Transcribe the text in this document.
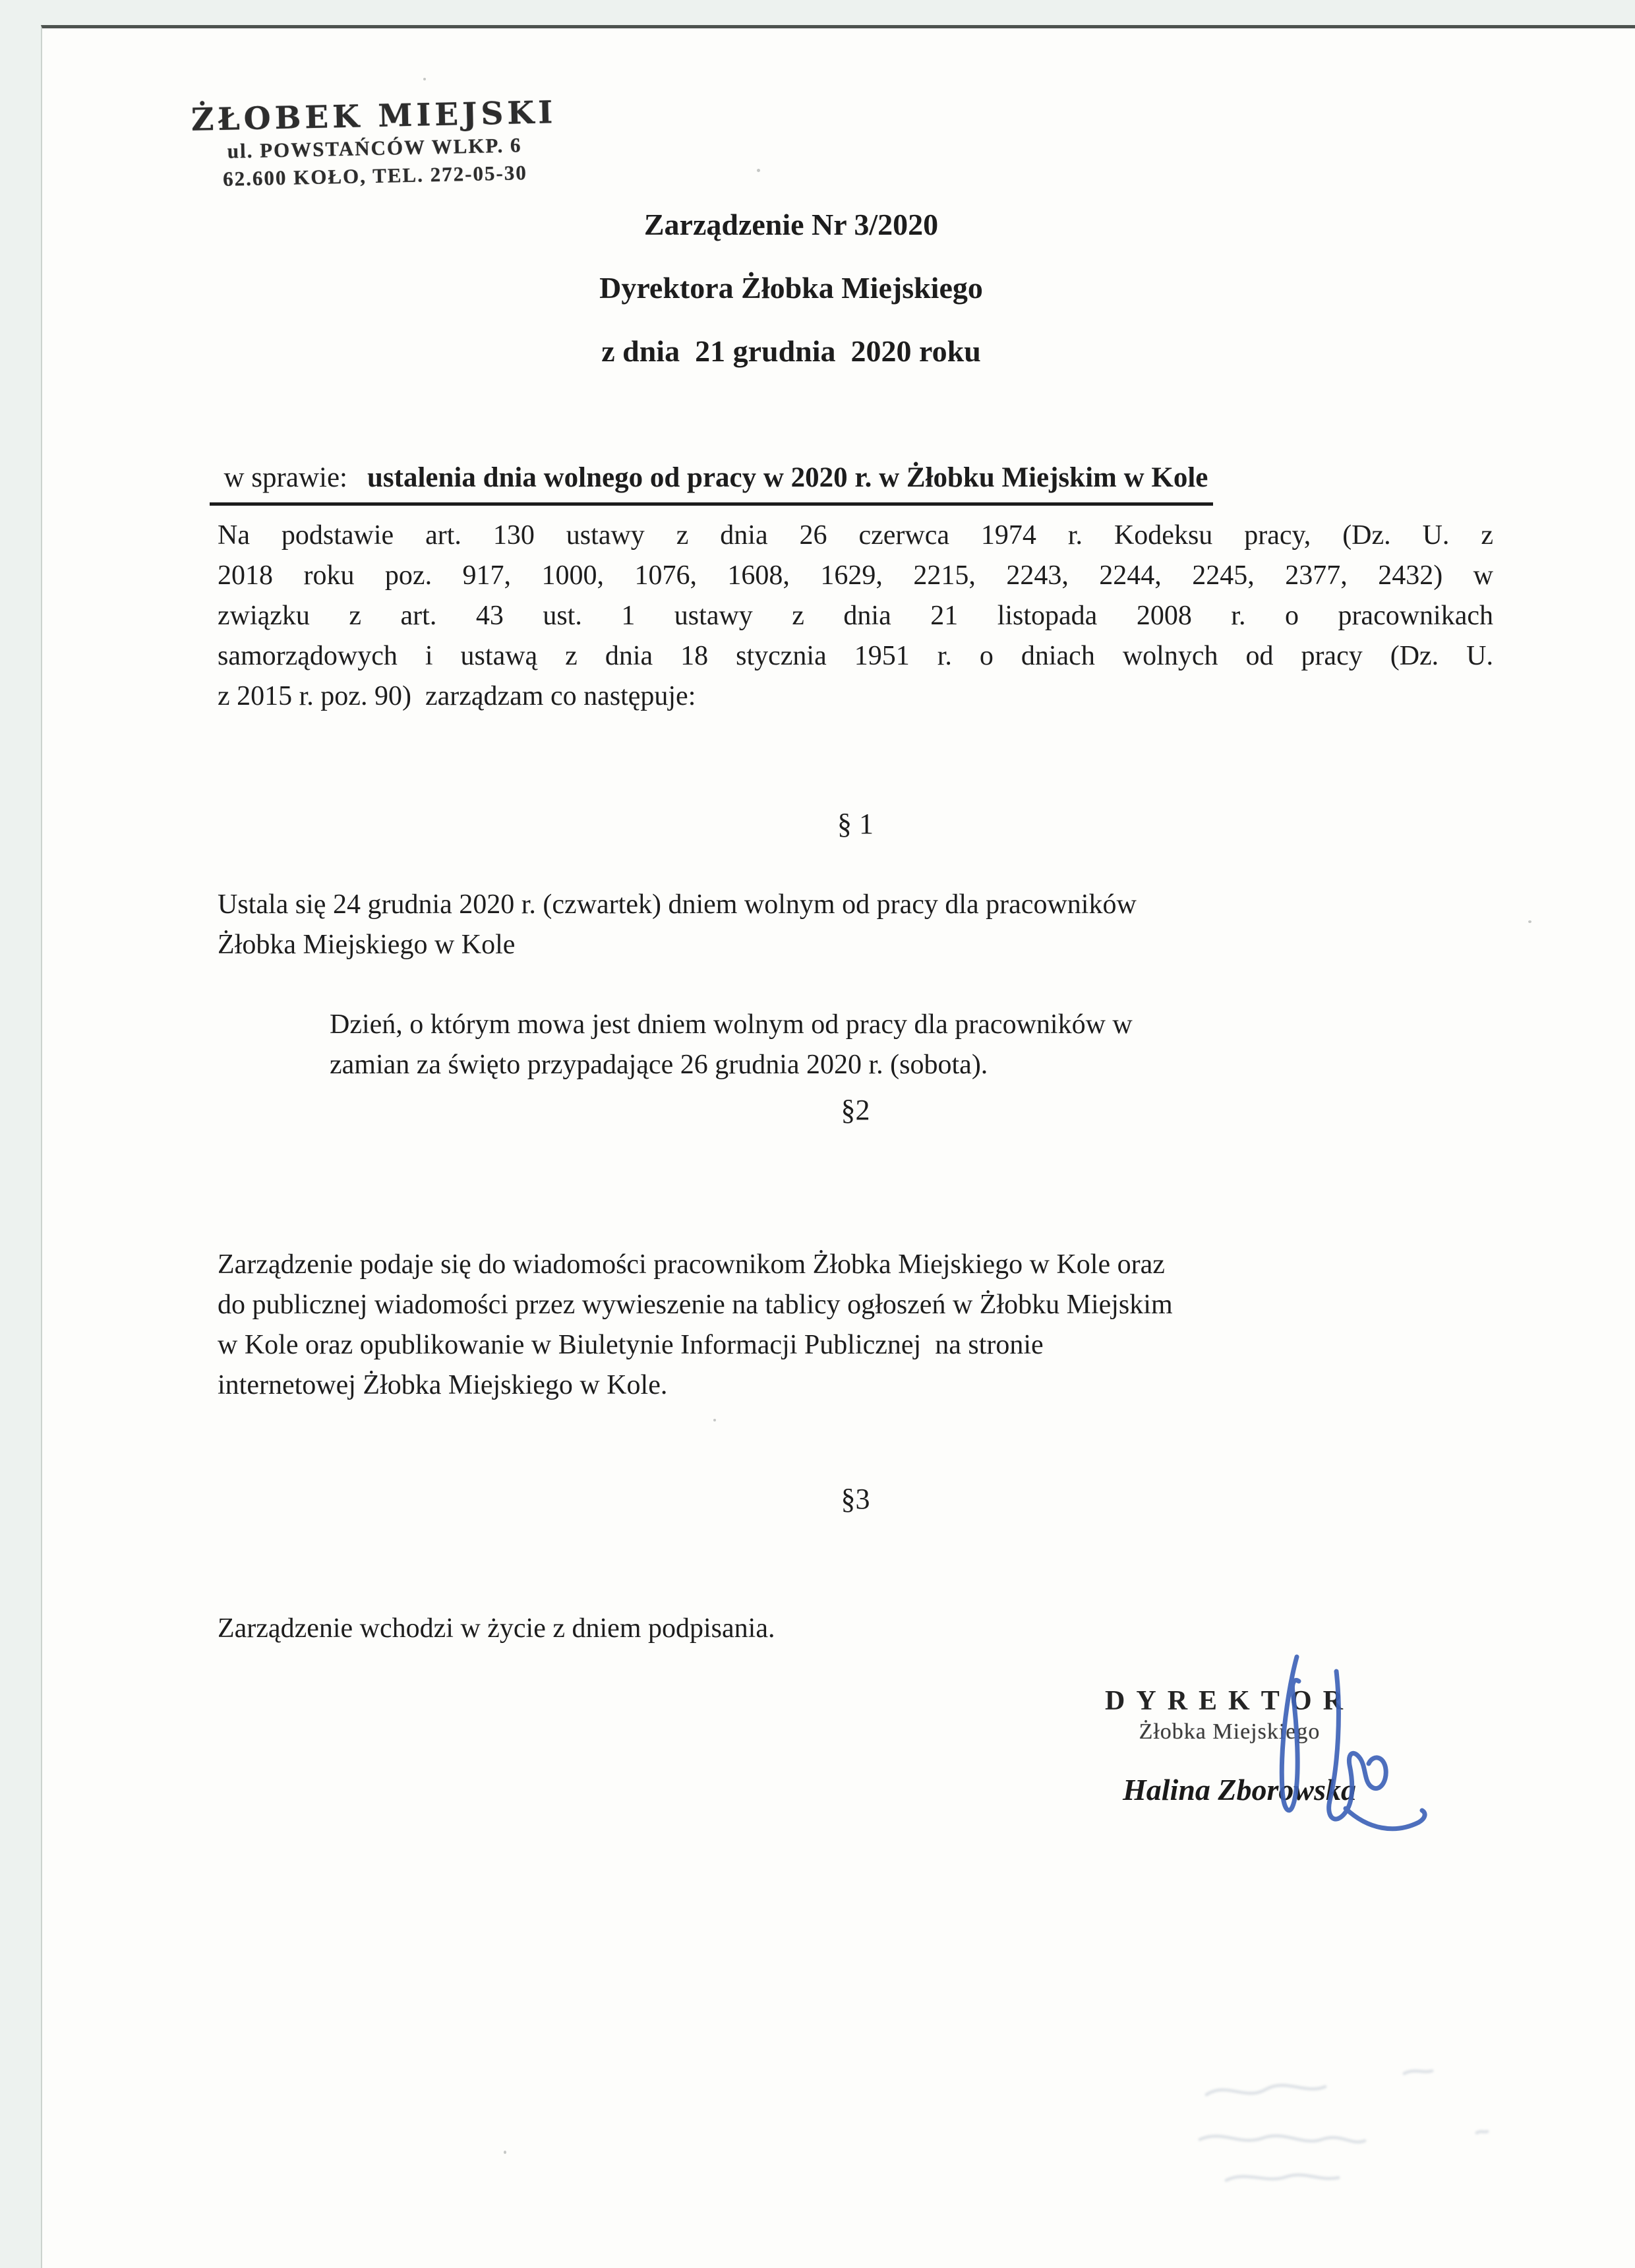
ŻŁOBEK MIEJSKI
ul. POWSTAŃCÓW WLKP. 6
62.600 KOŁO, TEL. 272-05-30
Zarządzenie Nr 3/2020
Dyrektora Żłobka Miejskiego
z dnia  21 grudnia  2020 roku

w sprawie: ustalenia dnia wolnego od pracy w 2020 r. w Żłobku Miejskim w Kole

Na podstawie art. 130 ustawy z dnia 26 czerwca 1974 r. Kodeksu pracy, (Dz. U. z
2018 roku poz. 917, 1000, 1076, 1608, 1629, 2215, 2243, 2244, 2245, 2377, 2432) w
związku z art. 43 ust. 1 ustawy z dnia 21 listopada 2008 r. o pracownikach
samorządowych i ustawą z dnia 18 stycznia 1951 r. o dniach wolnych od pracy (Dz. U.
z 2015 r. poz. 90)  zarządzam co następuje:
§ 1
Ustala się 24 grudnia 2020 r. (czwartek) dniem wolnym od pracy dla pracowników
Żłobka Miejskiego w Kole
Dzień, o którym mowa jest dniem wolnym od pracy dla pracowników w
zamian za święto przypadające 26 grudnia 2020 r. (sobota).
§2
Zarządzenie podaje się do wiadomości pracownikom Żłobka Miejskiego w Kole oraz
do publicznej wiadomości przez wywieszenie na tablicy ogłoszeń w Żłobku Miejskim
w Kole oraz opublikowanie w Biuletynie Informacji Publicznej  na stronie
internetowej Żłobka Miejskiego w Kole.
§3
Zarządzenie wchodzi w życie z dniem podpisania.
DYREKTOR
Żłobka Miejskiego
Halina Zborowska
